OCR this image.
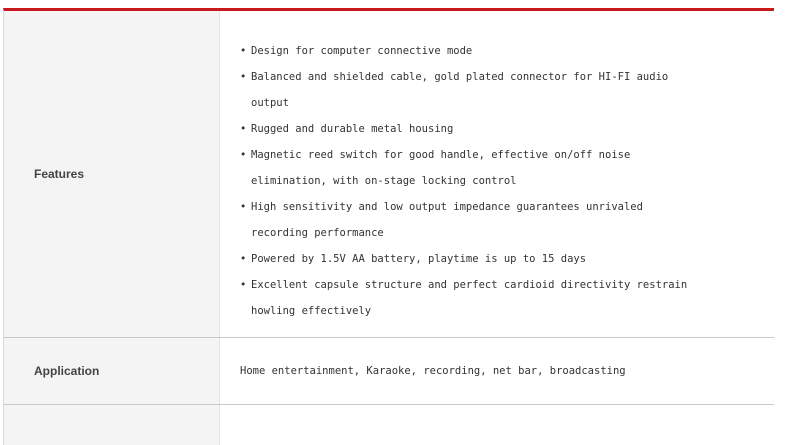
Features
• Design for computer connective mode
• Balanced and shielded cable, gold plated connector for HI-FI audio output
• Rugged and durable metal housing
• Magnetic reed switch for good handle, effective on/off noise elimination, with on-stage locking control
• High sensitivity and low output impedance guarantees unrivaled recording performance
• Powered by 1.5V AA battery, playtime is up to 15 days
• Excellent capsule structure and perfect cardioid directivity restrain howling effectively
Application	Home entertainment, Karaoke, recording, net bar, broadcasting
